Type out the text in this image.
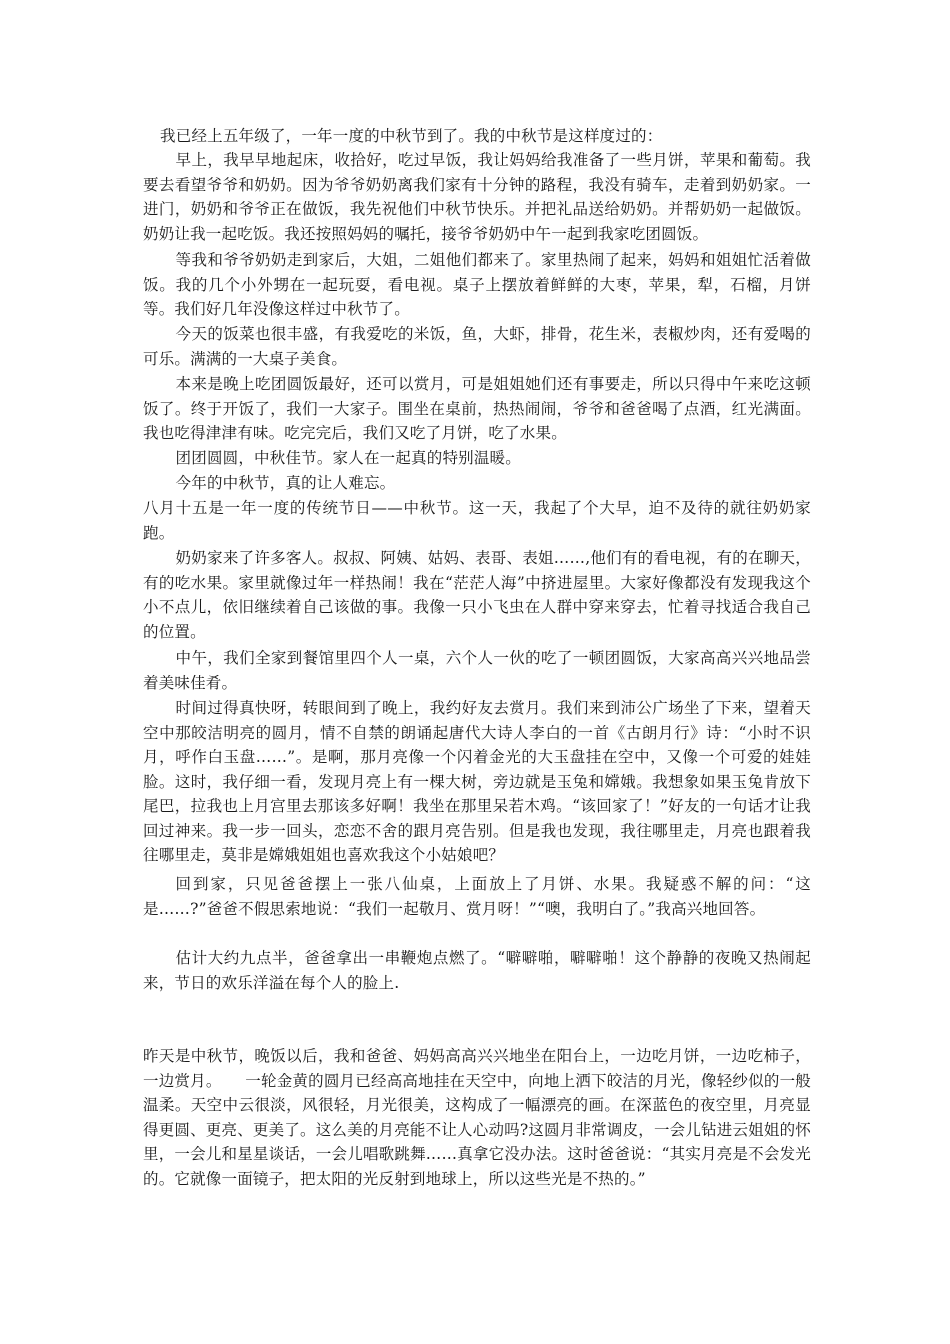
我已经上五年级了，一年一度的中秋节到了。我的中秋节是这样度过的：

早上，我早早地起床，收拾好，吃过早饭，我让妈妈给我准备了一些月饼，苹果和葡萄。我要去看望爷爷和奶奶。因为爷爷奶奶离我们家有十分钟的路程，我没有骑车，走着到奶奶家。一进门，奶奶和爷爷正在做饭，我先祝他们中秋节快乐。并把礼品送给奶奶。并帮奶奶一起做饭。奶奶让我一起吃饭。我还按照妈妈的嘱托，接爷爷奶奶中午一起到我家吃团圆饭。

等我和爷爷奶奶走到家后，大姐，二姐他们都来了。家里热闹了起来，妈妈和姐姐忙活着做饭。我的几个小外甥在一起玩耍，看电视。桌子上摆放着鲜鲜的大枣，苹果，犁，石榴，月饼等。我们好几年没像这样过中秋节了。

今天的饭菜也很丰盛，有我爱吃的米饭，鱼，大虾，排骨，花生米，表椒炒肉，还有爱喝的可乐。满满的一大桌子美食。

本来是晚上吃团圆饭最好，还可以赏月，可是姐姐她们还有事要走，所以只得中午来吃这顿饭了。终于开饭了，我们一大家子。围坐在桌前，热热闹闹，爷爷和爸爸喝了点酒，红光满面。我也吃得津津有味。吃完完后，我们又吃了月饼，吃了水果。

团团圆圆，中秋佳节。家人在一起真的特别温暖。

今年的中秋节，真的让人难忘。

八月十五是一年一度的传统节日——中秋节。这一天，我起了个大早，迫不及待的就往奶奶家跑。

奶奶家来了许多客人。叔叔、阿姨、姑妈、表哥、表姐……,他们有的看电视，有的在聊天，有的吃水果。家里就像过年一样热闹！我在“茫茫人海”中挤进屋里。大家好像都没有发现我这个小不点儿，依旧继续着自己该做的事。我像一只小飞虫在人群中穿来穿去，忙着寻找适合我自己的位置。

中午，我们全家到餐馆里四个人一桌，六个人一伙的吃了一顿团圆饭，大家高高兴兴地品尝着美味佳肴。

时间过得真快呀，转眼间到了晚上，我约好友去赏月。我们来到沛公广场坐了下来，望着天空中那皎洁明亮的圆月，情不自禁的朗诵起唐代大诗人李白的一首《古朗月行》诗：“小时不识月，呼作白玉盘……”。是啊，那月亮像一个闪着金光的大玉盘挂在空中，又像一个可爱的娃娃脸。这时，我仔细一看，发现月亮上有一棵大树，旁边就是玉兔和嫦娥。我想象如果玉兔肯放下尾巴，拉我也上月宫里去那该多好啊！我坐在那里呆若木鸡。“该回家了！”好友的一句话才让我回过神来。我一步一回头，恋恋不舍的跟月亮告别。但是我也发现，我往哪里走，月亮也跟着我往哪里走，莫非是嫦娥姐姐也喜欢我这个小姑娘吧？

回到家，只见爸爸摆上一张八仙桌，上面放上了月饼、水果。我疑惑不解的问：“这是……?”爸爸不假思索地说：“我们一起敬月、赏月呀！”“噢，我明白了。”我高兴地回答。

估计大约九点半，爸爸拿出一串鞭炮点燃了。“噼噼啪，噼噼啪！这个静静的夜晚又热闹起来，节日的欢乐洋溢在每个人的脸上.

昨天是中秋节，晚饭以后，我和爸爸、妈妈高高兴兴地坐在阳台上，一边吃月饼，一边吃柿子，一边赏月。　　一轮金黄的圆月已经高高地挂在天空中，向地上洒下皎洁的月光，像轻纱似的一般温柔。天空中云很淡，风很轻，月光很美，这构成了一幅漂亮的画。在深蓝色的夜空里，月亮显得更圆、更亮、更美了。这么美的月亮能不让人心动吗?这圆月非常调皮，一会儿钻进云姐姐的怀里，一会儿和星星谈话，一会儿唱歌跳舞……真拿它没办法。这时爸爸说：“其实月亮是不会发光的。它就像一面镜子，把太阳的光反射到地球上，所以这些光是不热的。”
